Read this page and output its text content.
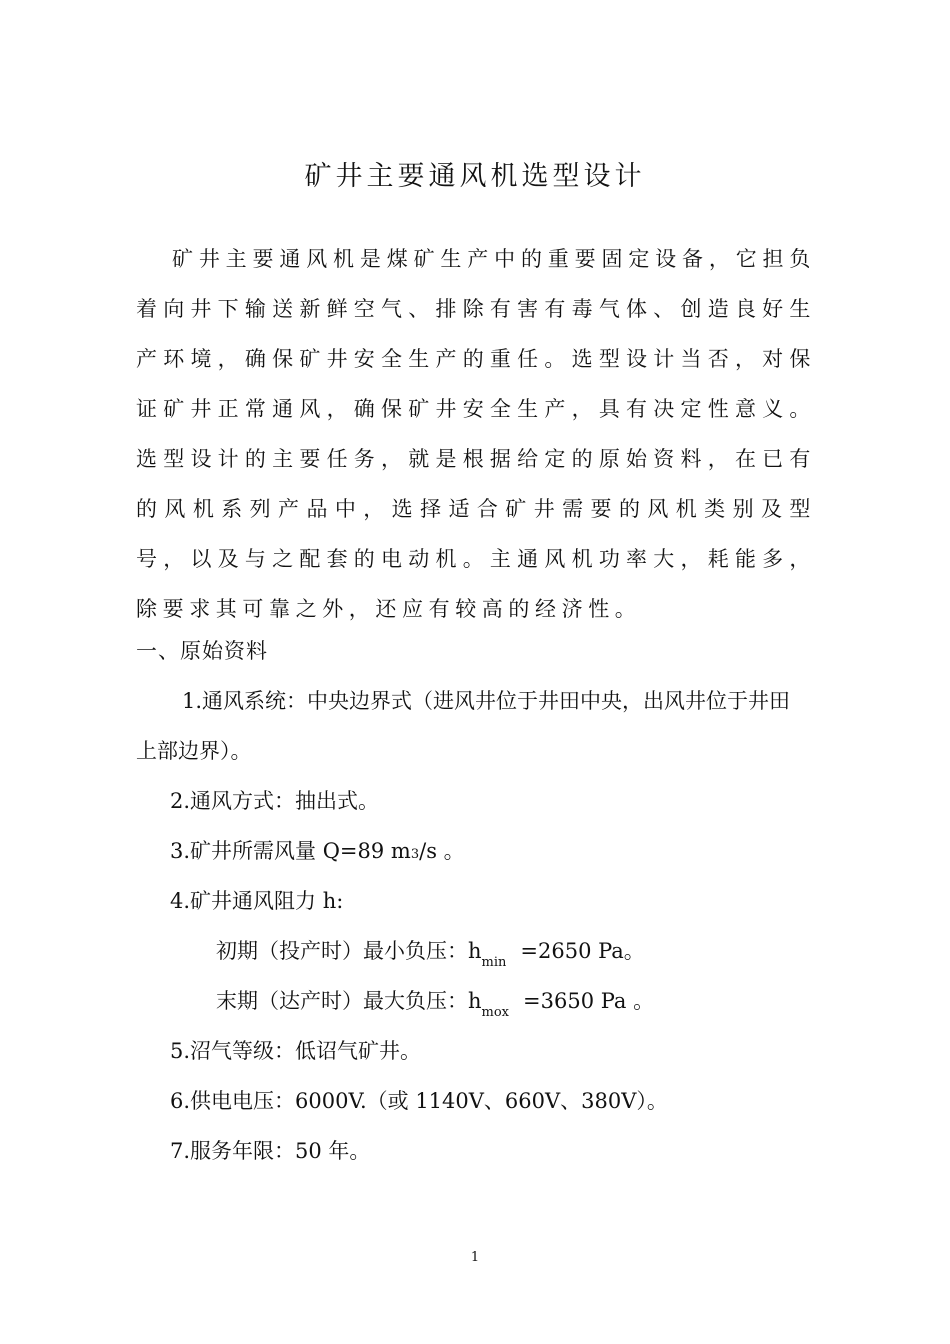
矿井主要通风机选型设计

矿井主要通风机是煤矿生产中的重要固定设备，它担负着向井下输送新鲜空气、排除有害有毒气体、创造良好生产环境，确保矿井安全生产的重任。选型设计当否，对保证矿井正常通风，确保矿井安全生产，具有决定性意义。选型设计的主要任务，就是根据给定的原始资料，在已有的风机系列产品中，选择适合矿井需要的风机类别及型号，以及与之配套的电动机。主通风机功率大，耗能多，除要求其可靠之外，还应有较高的经济性。

一、原始资料
1.通风系统：中央边界式（进风井位于井田中央，出风井位于井田
上部边界）。
2.通风方式：抽出式。
3.矿井所需风量 Q=89 m3/s 。
4.矿井通风阻力 h:
初期（投产时）最小负压：$h_{min} =2650$ Pa。
末期（达产时）最大负压：$h_{mox} =3650$ Pa 。
5.沼气等级：低诏气矿井。
6.供电电压：6000V.（或 1140V、660V、380V）。
7.服务年限：50 年。
1
